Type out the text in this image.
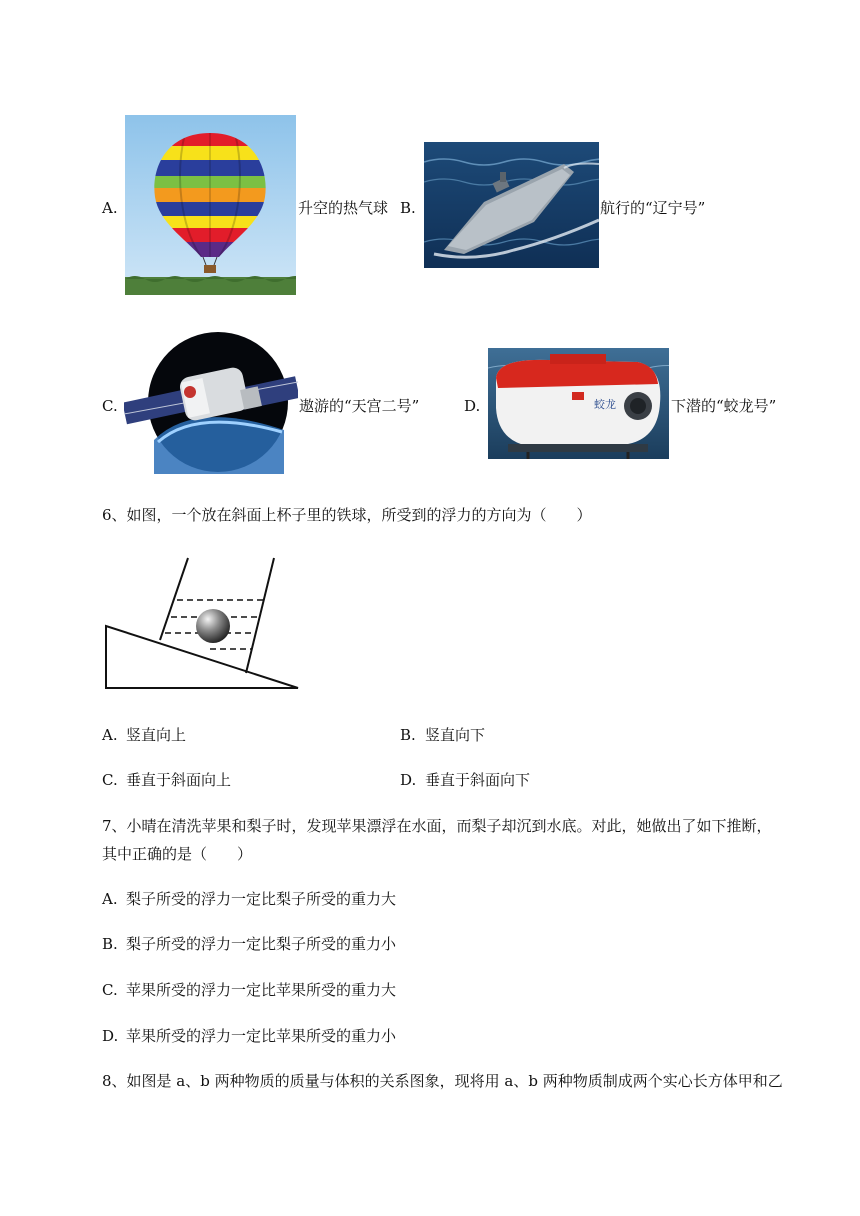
A.	升空的热气球 B.	航行的“辽宁号”
C.	遨游的“天宫二号”	D.	蛟龙	下潜的“蛟龙号”
6、如图，一个放在斜面上杯子里的铁球，所受到的浮力的方向为（　　）
A. 竖直向上	B. 竖直向下
C. 垂直于斜面向上	D. 垂直于斜面向下
7、小晴在清洗苹果和梨子时，发现苹果漂浮在水面，而梨子却沉到水底。对此，她做出了如下推断，
其中正确的是（　　）
A. 梨子所受的浮力一定比梨子所受的重力大
B. 梨子所受的浮力一定比梨子所受的重力小
C. 苹果所受的浮力一定比苹果所受的重力大
D. 苹果所受的浮力一定比苹果所受的重力小
8、如图是 a、b 两种物质的质量与体积的关系图象，现将用 a、b 两种物质制成两个实心长方体甲和乙
